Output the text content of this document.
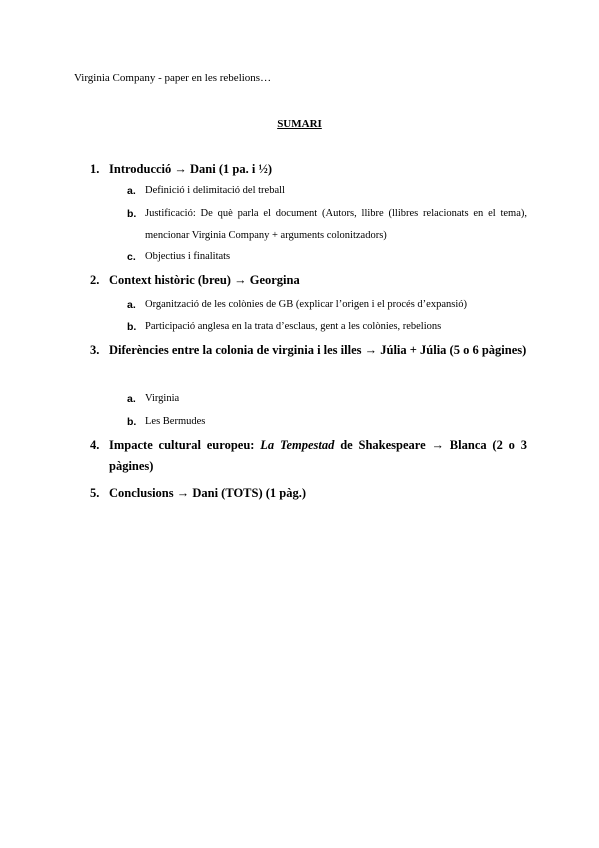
Virginia Company - paper en les rebelions…
SUMARI
1. Introducció → Dani (1 pa. i ½)
a. Definició i delimitació del treball
b. Justificació: De què parla el document (Autors, llibre (llibres relacionats en el tema), mencionar Virginia Company + arguments colonitzadors)
c. Objectius i finalitats
2. Context històric (breu) → Georgina
a. Organització de les colònies de GB (explicar l’origen i el procés d’expansió)
b. Participació anglesa en la trata d’esclaus, gent a les colònies, rebelions
3. Diferències entre la colonia de virginia i les illes → Júlia + Júlia (5 o 6 pàgines)
a. Virginia
b. Les Bermudes
4. Impacte cultural europeu: La Tempestad de Shakespeare → Blanca (2 o 3 pàgines)
5. Conclusions → Dani (TOTS) (1 pàg.)
